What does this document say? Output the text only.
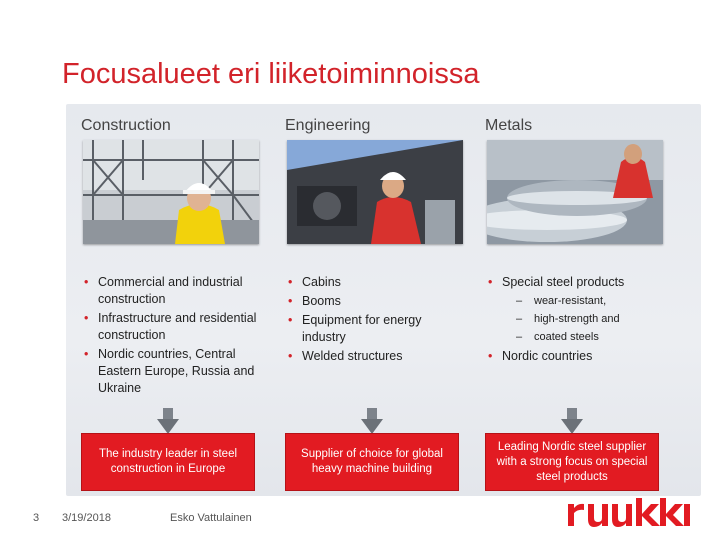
Focusalueet eri liiketoiminnoissa
Construction
• Commercial and industrial construction
• Infrastructure and residential construction
• Nordic countries, Central Eastern Europe, Russia and Ukraine
The industry leader in steel construction in Europe
Engineering
• Cabins
• Booms
• Equipment for energy industry
• Welded structures
Supplier of choice for global heavy machine building
Metals
• Special steel products
– wear-resistant,
– high-strength and
– coated steels
• Nordic countries
Leading Nordic steel supplier with a strong focus on special steel products
3 3/19/2018	Esko Vattulainen
